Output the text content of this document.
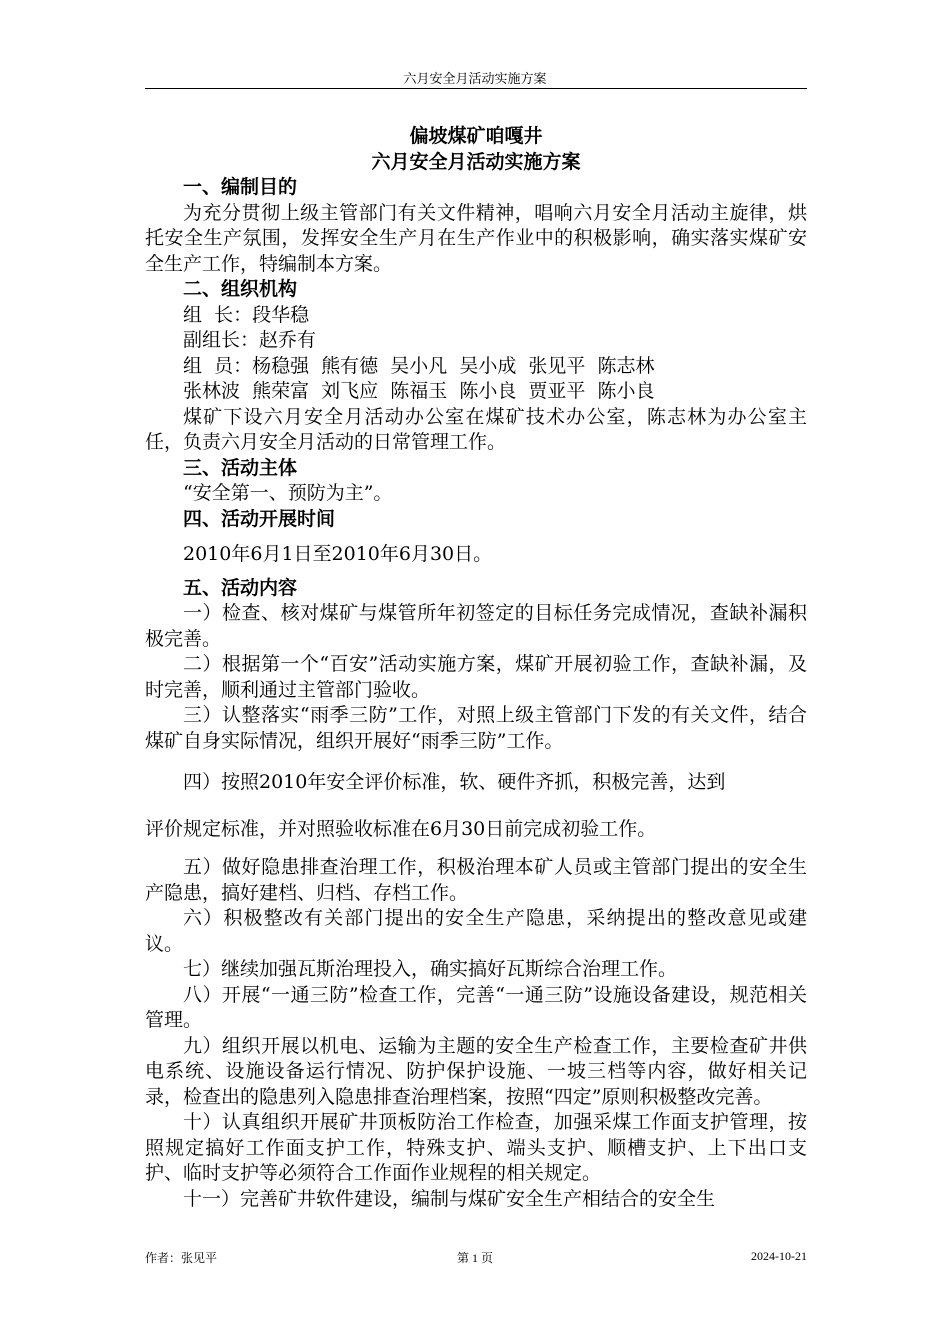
六月安全月活动实施方案
偏坡煤矿咱嘎井
六月安全月活动实施方案
一、编制目的
为充分贯彻上级主管部门有关文件精神，唱响六月安全月活动主旋律，烘托安全生产氛围，发挥安全生产月在生产作业中的积极影响，确实落实煤矿安全生产工作，特编制本方案。
二、组织机构
组  长：段华稳
副组长：赵乔有
组  员：杨稳强  熊有德  吴小凡  吴小成  张见平  陈志林
张林波  熊荣富  刘飞应  陈福玉  陈小良  贾亚平  陈小良
煤矿下设六月安全月活动办公室在煤矿技术办公室，陈志林为办公室主任，负责六月安全月活动的日常管理工作。
三、活动主体
“安全第一、预防为主”。
四、活动开展时间
2010年6月1日至2010年6月30日。
五、活动内容
一）检查、核对煤矿与煤管所年初签定的目标任务完成情况，查缺补漏积极完善。
二）根据第一个“百安”活动实施方案，煤矿开展初验工作，查缺补漏，及时完善，顺利通过主管部门验收。
三）认整落实“雨季三防”工作，对照上级主管部门下发的有关文件，结合煤矿自身实际情况，组织开展好“雨季三防”工作。
四）按照2010年安全评价标准，软、硬件齐抓，积极完善，达到
评价规定标准，并对照验收标准在6月30日前完成初验工作。
五）做好隐患排查治理工作，积极治理本矿人员或主管部门提出的安全生产隐患，搞好建档、归档、存档工作。
六）积极整改有关部门提出的安全生产隐患，采纳提出的整改意见或建议。
七）继续加强瓦斯治理投入，确实搞好瓦斯综合治理工作。
八）开展“一通三防”检查工作，完善“一通三防”设施设备建设，规范相关管理。
九）组织开展以机电、运输为主题的安全生产检查工作，主要检查矿井供电系统、设施设备运行情况、防护保护设施、一坡三档等内容，做好相关记录，检查出的隐患列入隐患排查治理档案，按照“四定”原则积极整改完善。
十）认真组织开展矿井顶板防治工作检查，加强采煤工作面支护管理，按照规定搞好工作面支护工作，特殊支护、端头支护、顺槽支护、上下出口支护、临时支护等必须符合工作面作业规程的相关规定。
十一）完善矿井软件建设，编制与煤矿安全生产相结合的安全生
作者：张见平	第 1 页	2024-10-21
